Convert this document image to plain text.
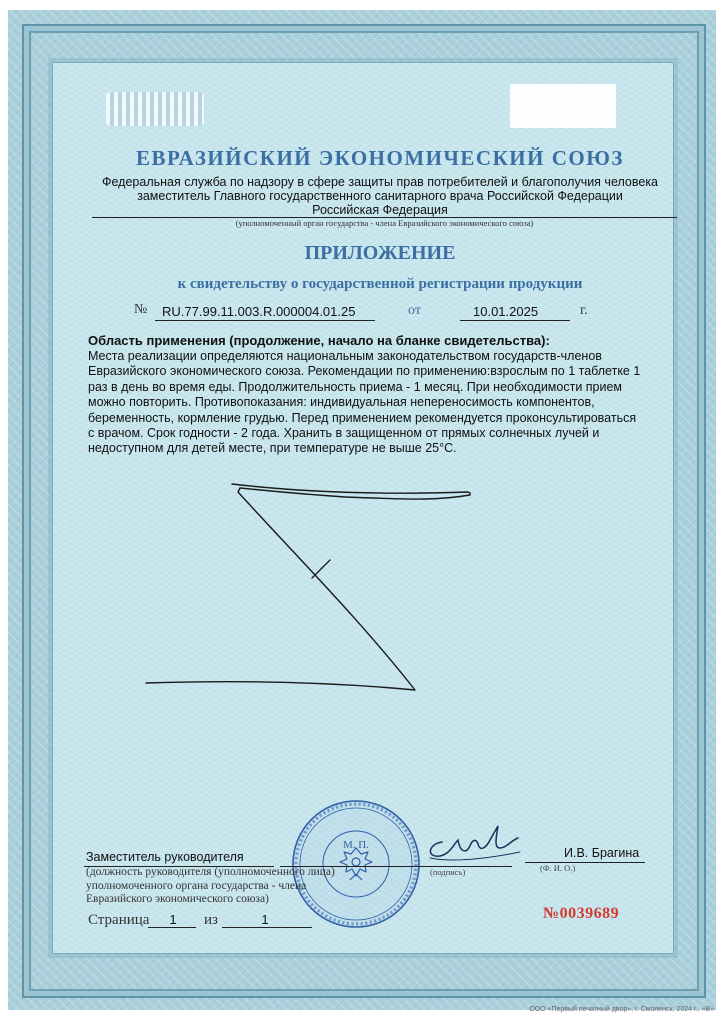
ЕВРАЗИЙСКИЙ ЭКОНОМИЧЕСКИЙ СОЮЗ
Федеральная служба по надзору в сфере защиты прав потребителей и благополучия человека
заместитель Главного государственного санитарного врача Российской Федерации
Российская Федерация
(уполномоченный орган государства - члена Евразийского экономического союза)
ПРИЛОЖЕНИЕ
к свидетельству о государственной регистрации продукции
№ RU.77.99.11.003.R.000004.01.25	от	10.01.2025	г.
Область применения (продолжение, начало на бланке свидетельства):
Места реализации определяются национальным законодательством государств-членов Евразийского экономического союза. Рекомендации по применению:взрослым по 1 таблетке 1 раз в день во время еды. Продолжительность приема - 1 месяц. При необходимости прием можно повторить. Противопоказания: индивидуальная непереносимость компонентов, беременность, кормление грудью. Перед применением рекомендуется проконсультироваться с врачом. Срок годности - 2 года. Хранить в защищенном от прямых солнечных лучей и недоступном для детей месте, при температуре не выше 25°С.
М. П.
Заместитель руководителя
(подпись)
И.В. Брагина
(Ф. И. О.)
(должность руководителя (уполномоченного лица) уполномоченного органа государства - члена Евразийского экономического союза)
Страница	1	из	1	№0039689
ООО «Первый печатный двор», г. Смоленск, 2024 г., «В»
